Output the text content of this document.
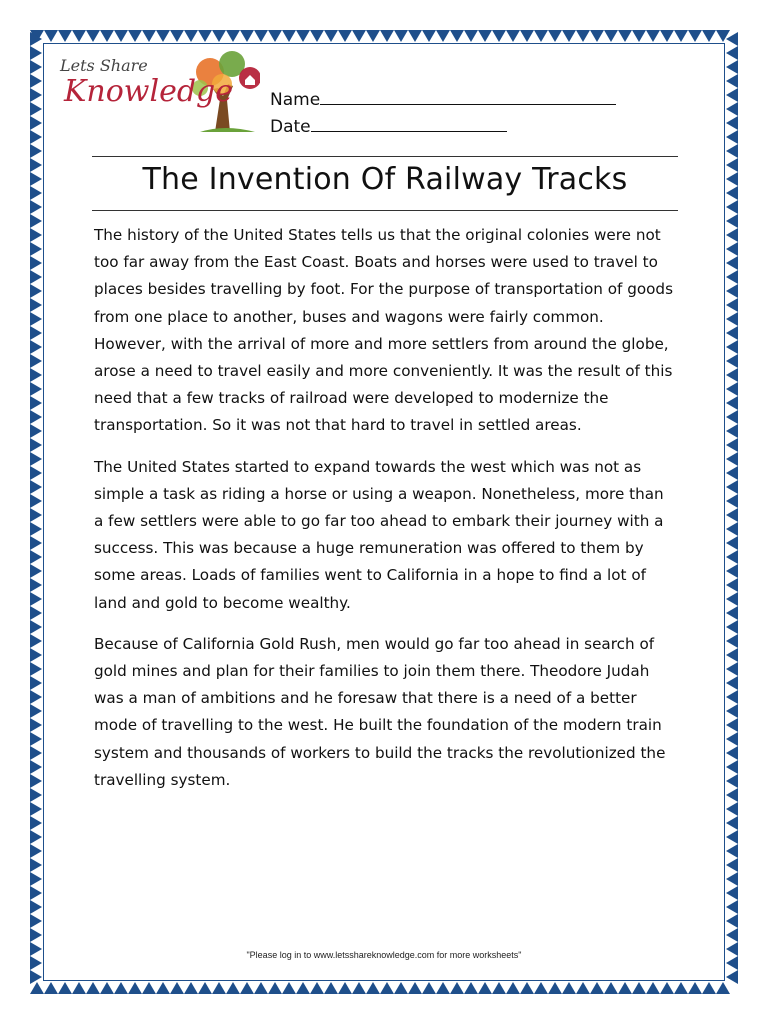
Lets Share
Knowledge Name
Date
The Invention Of Railway Tracks

The history of the United States tells us that the original colonies were not too far away from the East Coast. Boats and horses were used to travel to places besides travelling by foot. For the purpose of transportation of goods from one place to another, buses and wagons were fairly common. However, with the arrival of more and more settlers from around the globe, arose a need to travel easily and more conveniently. It was the result of this need that a few tracks of railroad were developed to modernize the transportation. So it was not that hard to travel in settled areas.

The United States started to expand towards the west which was not as simple a task as riding a horse or using a weapon. Nonetheless, more than a few settlers were able to go far too ahead to embark their journey with a success. This was because a huge remuneration was offered to them by some areas. Loads of families went to California in a hope to find a lot of land and gold to become wealthy.

Because of California Gold Rush, men would go far too ahead in search of gold mines and plan for their families to join them there. Theodore Judah was a man of ambitions and he foresaw that there is a need of a better mode of travelling to the west. He built the foundation of the modern train system and thousands of workers to build the tracks the revolutionized the travelling system.

"Please log in to www.letsshareknowledge.com for more worksheets"
